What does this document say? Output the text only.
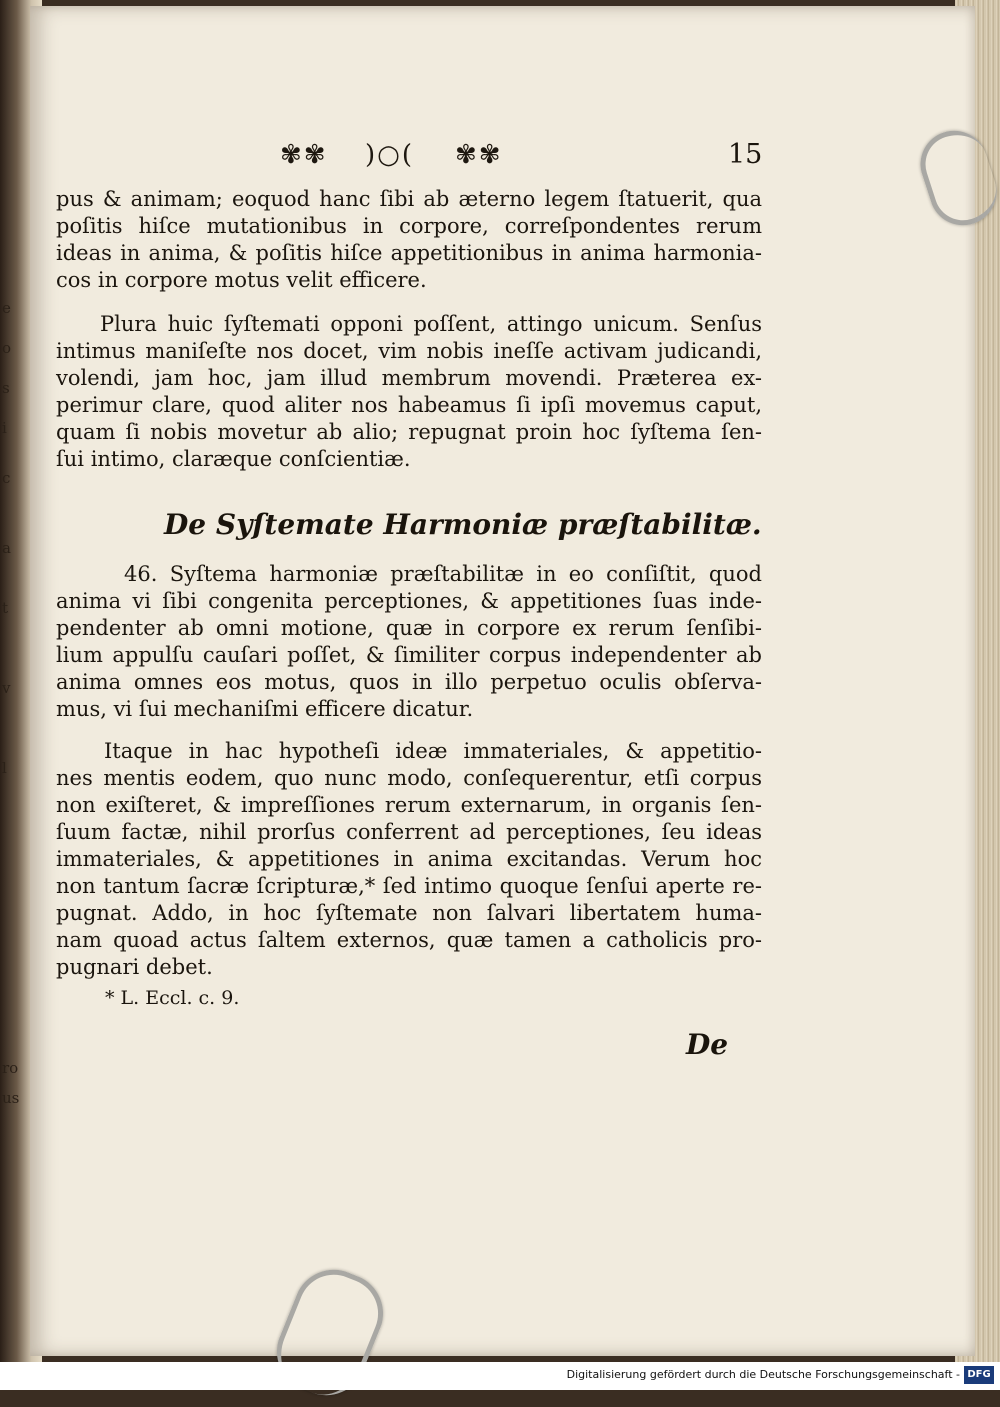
e
o
s
i
c
a
t
v
l
ro
us
✾✾ )○( ✾✾	15
pus & animam; eoquod hanc ſibi ab æterno legem ſtatuerit, qua
poſitis hiſce mutationibus in corpore, correſpondentes rerum
ideas in anima, & poſitis hiſce appetitionibus in anima harmonia-
cos in corpore motus velit efficere.
Plura huic ſyſtemati opponi poſſent, attingo unicum. Senſus
intimus maniſeſte nos docet, vim nobis ineſſe activam judicandi,
volendi, jam hoc, jam illud membrum movendi. Præterea ex-
perimur clare, quod aliter nos habeamus ſi ipſi movemus caput,
quam ſi nobis movetur ab alio; repugnat proin hoc ſyſtema ſen-
ſui intimo, claræque conſcientiæ.
De Syſtemate Harmoniæ præſtabilitæ.
46. Syſtema harmoniæ præſtabilitæ in eo conſiſtit, quod
anima vi ſibi congenita perceptiones, & appetitiones ſuas inde-
pendenter ab omni motione, quæ in corpore ex rerum ſenſibi-
lium appulſu cauſari poſſet, & ſimiliter corpus independenter ab
anima omnes eos motus, quos in illo perpetuo oculis obſerva-
mus, vi ſui mechaniſmi efficere dicatur.
Itaque in hac hypotheſi ideæ immateriales, & appetitio-
nes mentis eodem, quo nunc modo, conſequerentur, etſi corpus
non exiſteret, & impreſſiones rerum externarum, in organis ſen-
ſuum factæ, nihil prorſus conferrent ad perceptiones, ſeu ideas
immateriales, & appetitiones in anima excitandas. Verum hoc
non tantum ſacræ ſcripturæ,* ſed intimo quoque ſenſui aperte re-
pugnat. Addo, in hoc ſyſtemate non ſalvari libertatem huma-
nam quoad actus ſaltem externos, quæ tamen a catholicis pro-
pugnari debet.
* L. Eccl. c. 9.
De
Digitalisierung gefördert durch die Deutsche Forschungsgemeinschaft - DFG
